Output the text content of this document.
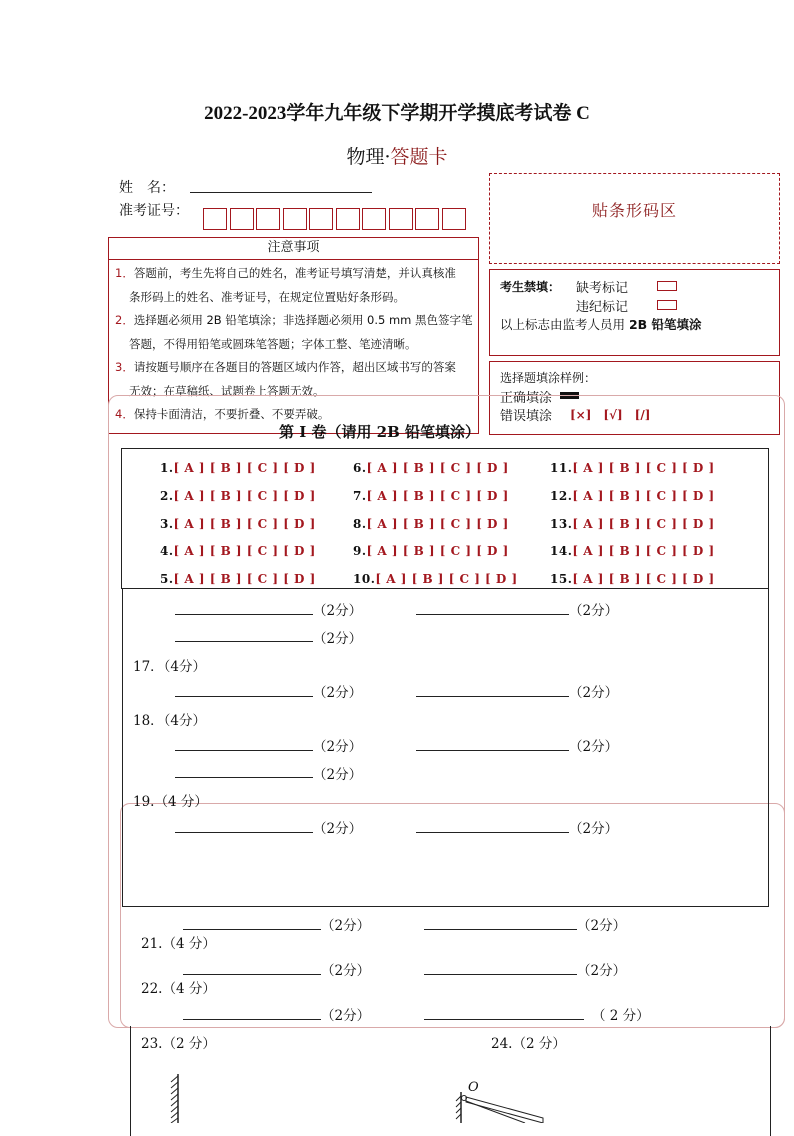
2022-2023学年九年级下学期开学摸底考试卷 C
物理·答题卡
姓　名：
准考证号：	贴条形码区
注意事项

1．答题前，考生先将自己的姓名，准考证号填写清楚，并认真核准

条形码上的姓名、准考证号，在规定位置贴好条形码。

2．选择题必须用 2B 铅笔填涂；非选择题必须用 0.5 mm 黑色签字笔

答题，不得用铅笔或圆珠笔答题；字体工整、笔迹清晰。

3．请按题号顺序在各题目的答题区域内作答，超出区域书写的答案

无效；在草稿纸、试题卷上答题无效。

4．保持卡面清洁，不要折叠、不要弄破。

考生禁填： 缺考标记
违纪标记
以上标志由监考人员用 2B 铅笔填涂
选择题填涂样例：
正确填涂
错误填涂 [×]　[√]　[/]
第 I 卷（请用 2B 铅笔填涂）
1.[ A ] [ B ] [ C ] [ D ]
2.[ A ] [ B ] [ C ] [ D ]
3.[ A ] [ B ] [ C ] [ D ]
4.[ A ] [ B ] [ C ] [ D ]
5.[ A ] [ B ] [ C ] [ D ]
6.[ A ] [ B ] [ C ] [ D ]
7.[ A ] [ B ] [ C ] [ D ]
8.[ A ] [ B ] [ C ] [ D ]
9.[ A ] [ B ] [ C ] [ D ]
10.[ A ] [ B ] [ C ] [ D ]
11.[ A ] [ B ] [ C ] [ D ]
12.[ A ] [ B ] [ C ] [ D ]
13.[ A ] [ B ] [ C ] [ D ]
14.[ A ] [ B ] [ C ] [ D ]
15.[ A ] [ B ] [ C ] [ D ]
（2分）	（2分）
（2分）
17．（4分）
（2分）	（2分）
18．（4分）
（2分）	（2分）
（2分）
19.（4 分）
（2分）	（2分）
（2分）	（2分）
21.（4 分）
（2分）	（2分）
22.（4 分）
（2分）	（ 2 分）
23.（2 分）	24.（2 分）
O
